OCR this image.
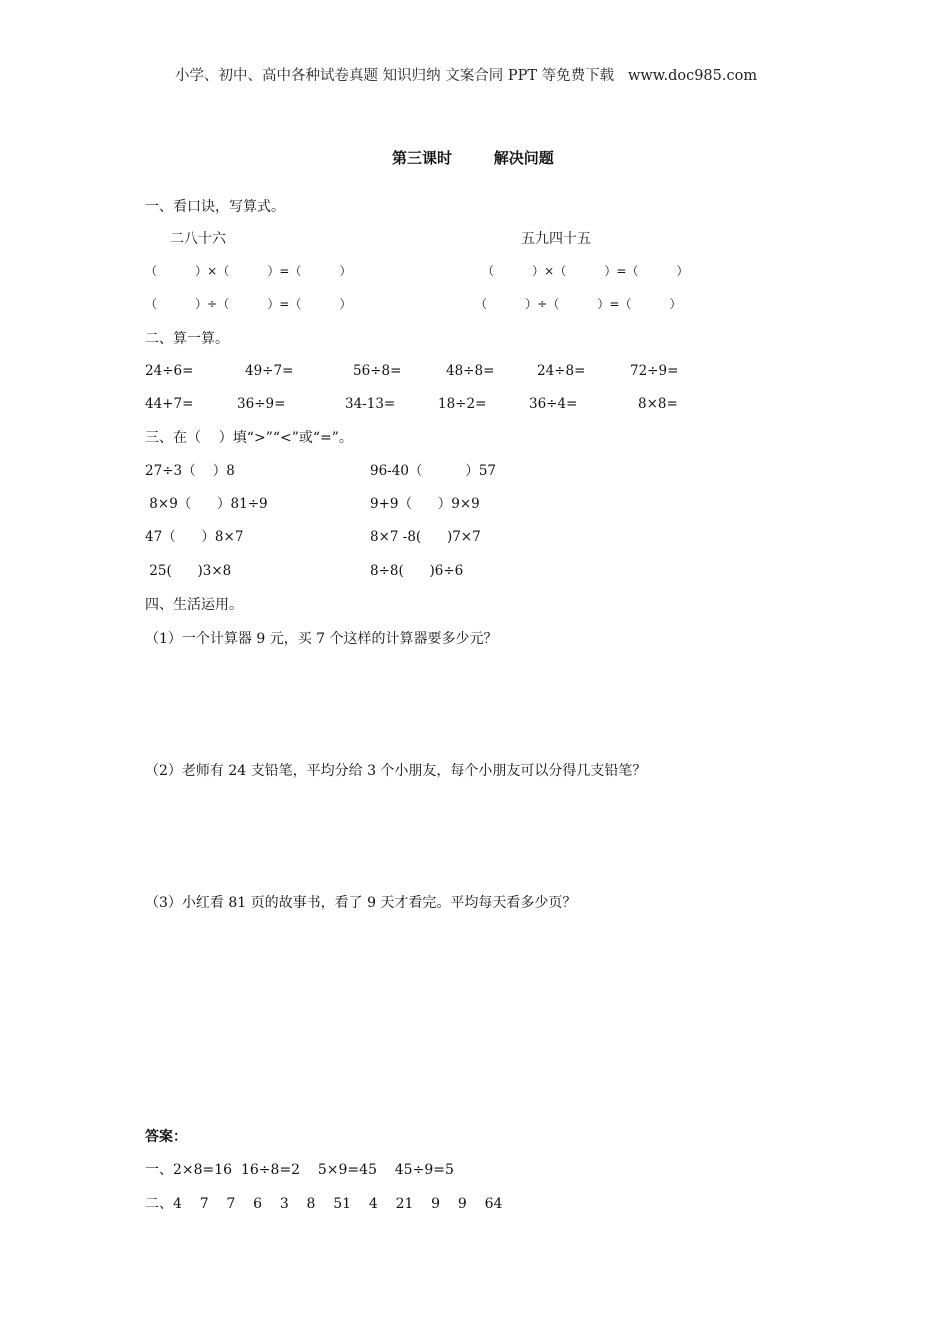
小学、初中、高中各种试卷真题 知识归纳 文案合同 PPT 等免费下载   www.doc985.com
第三课时        解决问题
一、看口诀，写算式。
二八十六	五九四十五
（          ）×（          ）=（          ）	（          ）×（          ）=（          ）
（          ）÷（          ）=（          ）	（          ）÷（          ）=（          ）
二、算一算。
24÷6=	49÷7=	56÷8=	48÷8=	24÷8=	72÷9=
44+7=	36÷9=	34-13=	18÷2=	36÷4=	8×8=
三、在（    ）填“>”“<”或“=”。
27÷3（    ）8	96-40（          ）57
8×9（      ）81÷9	9+9（      ）9×9
47（      ）8×7	8×7 -8(      )7×7
25(      )3×8	8÷8(      )6÷6
四、生活运用。
（1）一个计算器 9 元，买 7 个这样的计算器要多少元？
（2）老师有 24 支铅笔，平均分给 3 个小朋友，每个小朋友可以分得几支铅笔？
（3）小红看 81 页的故事书，看了 9 天才看完。平均每天看多少页？
答案：
一、2×8=16  16÷8=2    5×9=45    45÷9=5
二、4    7    7    6    3    8    51    4    21    9    9    64
